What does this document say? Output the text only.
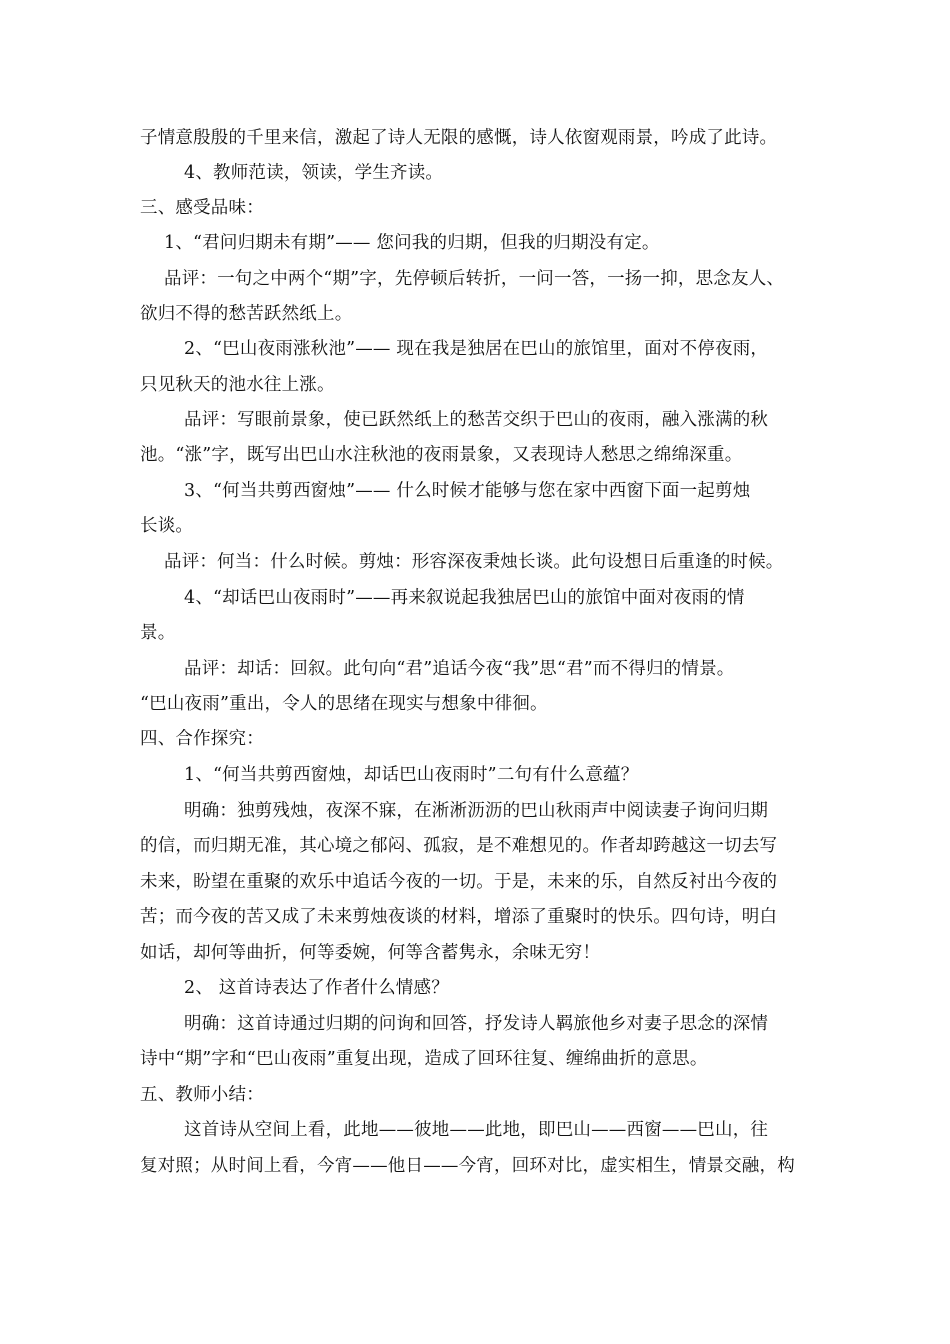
子情意殷殷的千里来信，激起了诗人无限的感慨，诗人依窗观雨景，吟成了此诗。
4、教师范读，领读，学生齐读。
三、感受品味：
1、“君问归期未有期”—— 您问我的归期，但我的归期没有定。
品评：一句之中两个“期”字，先停顿后转折，一问一答，一扬一抑，思念友人、
欲归不得的愁苦跃然纸上。
2、“巴山夜雨涨秋池”—— 现在我是独居在巴山的旅馆里，面对不停夜雨，
只见秋天的池水往上涨。
品评：写眼前景象，使已跃然纸上的愁苦交织于巴山的夜雨，融入涨满的秋
池。“涨”字，既写出巴山水注秋池的夜雨景象，又表现诗人愁思之绵绵深重。
3、“何当共剪西窗烛”—— 什么时候才能够与您在家中西窗下面一起剪烛
长谈。
品评：何当：什么时候。剪烛：形容深夜秉烛长谈。此句设想日后重逢的时候。
4、“却话巴山夜雨时”——再来叙说起我独居巴山的旅馆中面对夜雨的情
景。
品评：却话：回叙。此句向“君”追话今夜“我”思“君”而不得归的情景。
“巴山夜雨”重出，令人的思绪在现实与想象中徘徊。
四、合作探究：
1、“何当共剪西窗烛，却话巴山夜雨时”二句有什么意蕴？
明确：独剪残烛，夜深不寐，在淅淅沥沥的巴山秋雨声中阅读妻子询问归期
的信，而归期无准，其心境之郁闷、孤寂，是不难想见的。作者却跨越这一切去写
未来，盼望在重聚的欢乐中追话今夜的一切。于是，未来的乐，自然反衬出今夜的
苦；而今夜的苦又成了未来剪烛夜谈的材料，增添了重聚时的快乐。四句诗，明白
如话，却何等曲折，何等委婉，何等含蓄隽永，余味无穷！
2、 这首诗表达了作者什么情感？
明确：这首诗通过归期的问询和回答，抒发诗人羁旅他乡对妻子思念的深情
诗中“期”字和“巴山夜雨”重复出现，造成了回环往复、缠绵曲折的意思。
五、教师小结：
这首诗从空间上看，此地——彼地——此地，即巴山——西窗——巴山，往
复对照；从时间上看，今宵——他日——今宵，回环对比，虚实相生，情景交融，构
